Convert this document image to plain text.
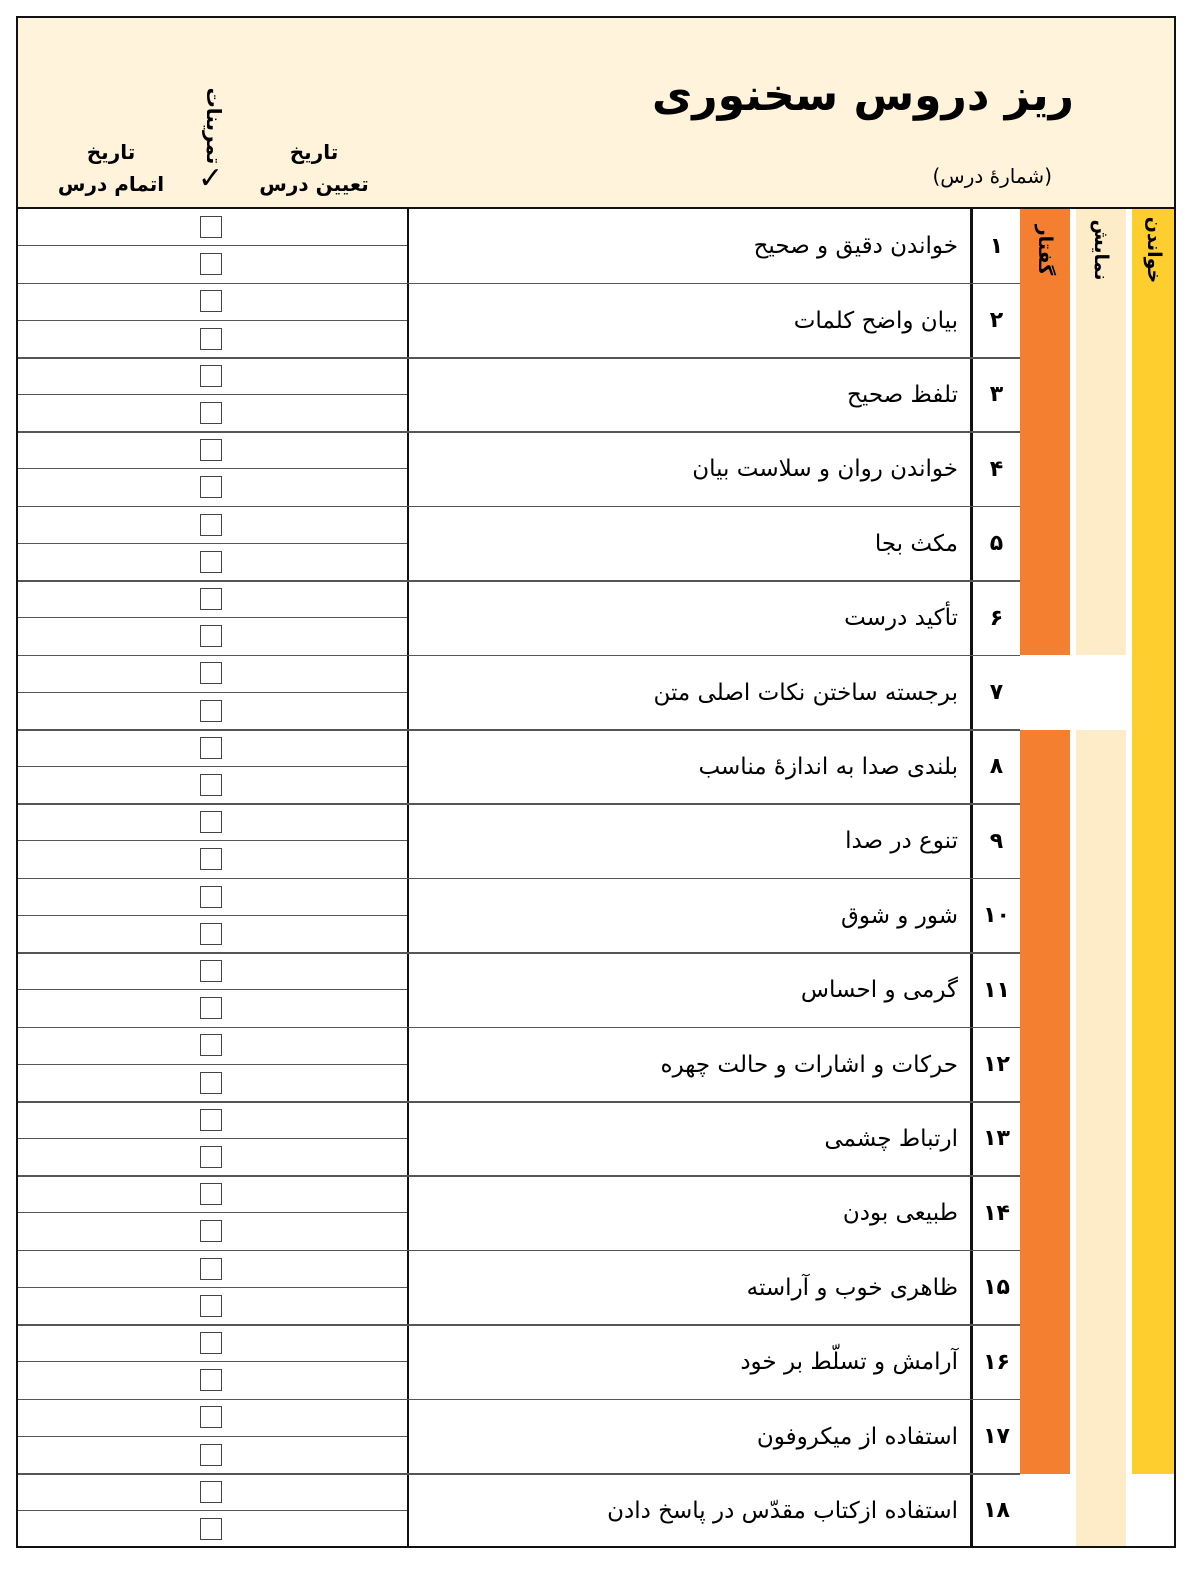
ریز دروس سخنوری
(شمارهٔ درس)
تاریخ
تعیین درس
تمرینات
✓
تاریخ
اتمام درس
گفتار نمایش خواندن
خواندن دقیق و صحیح	۱
بیان واضح کلمات	۲
تلفظ صحیح	۳
خواندن روان و سلاست بیان	۴
مکث بجا	۵
تأکید درست	۶
برجسته ساختن نکات اصلی متن	۷
بلندی صدا به اندازهٔ مناسب	۸
تنوع در صدا	۹
شور و شوق	۱۰
گرمی و احساس	۱۱
حرکات و اشارات و حالت چهره	۱۲
ارتباط چشمی	۱۳
طبیعی بودن	۱۴
ظاهری خوب و آراسته	۱۵
آرامش و تسلّط بر خود	۱۶
استفاده از میکروفون	۱۷
استفاده ازکتاب مقدّس در پاسخ دادن	۱۸
